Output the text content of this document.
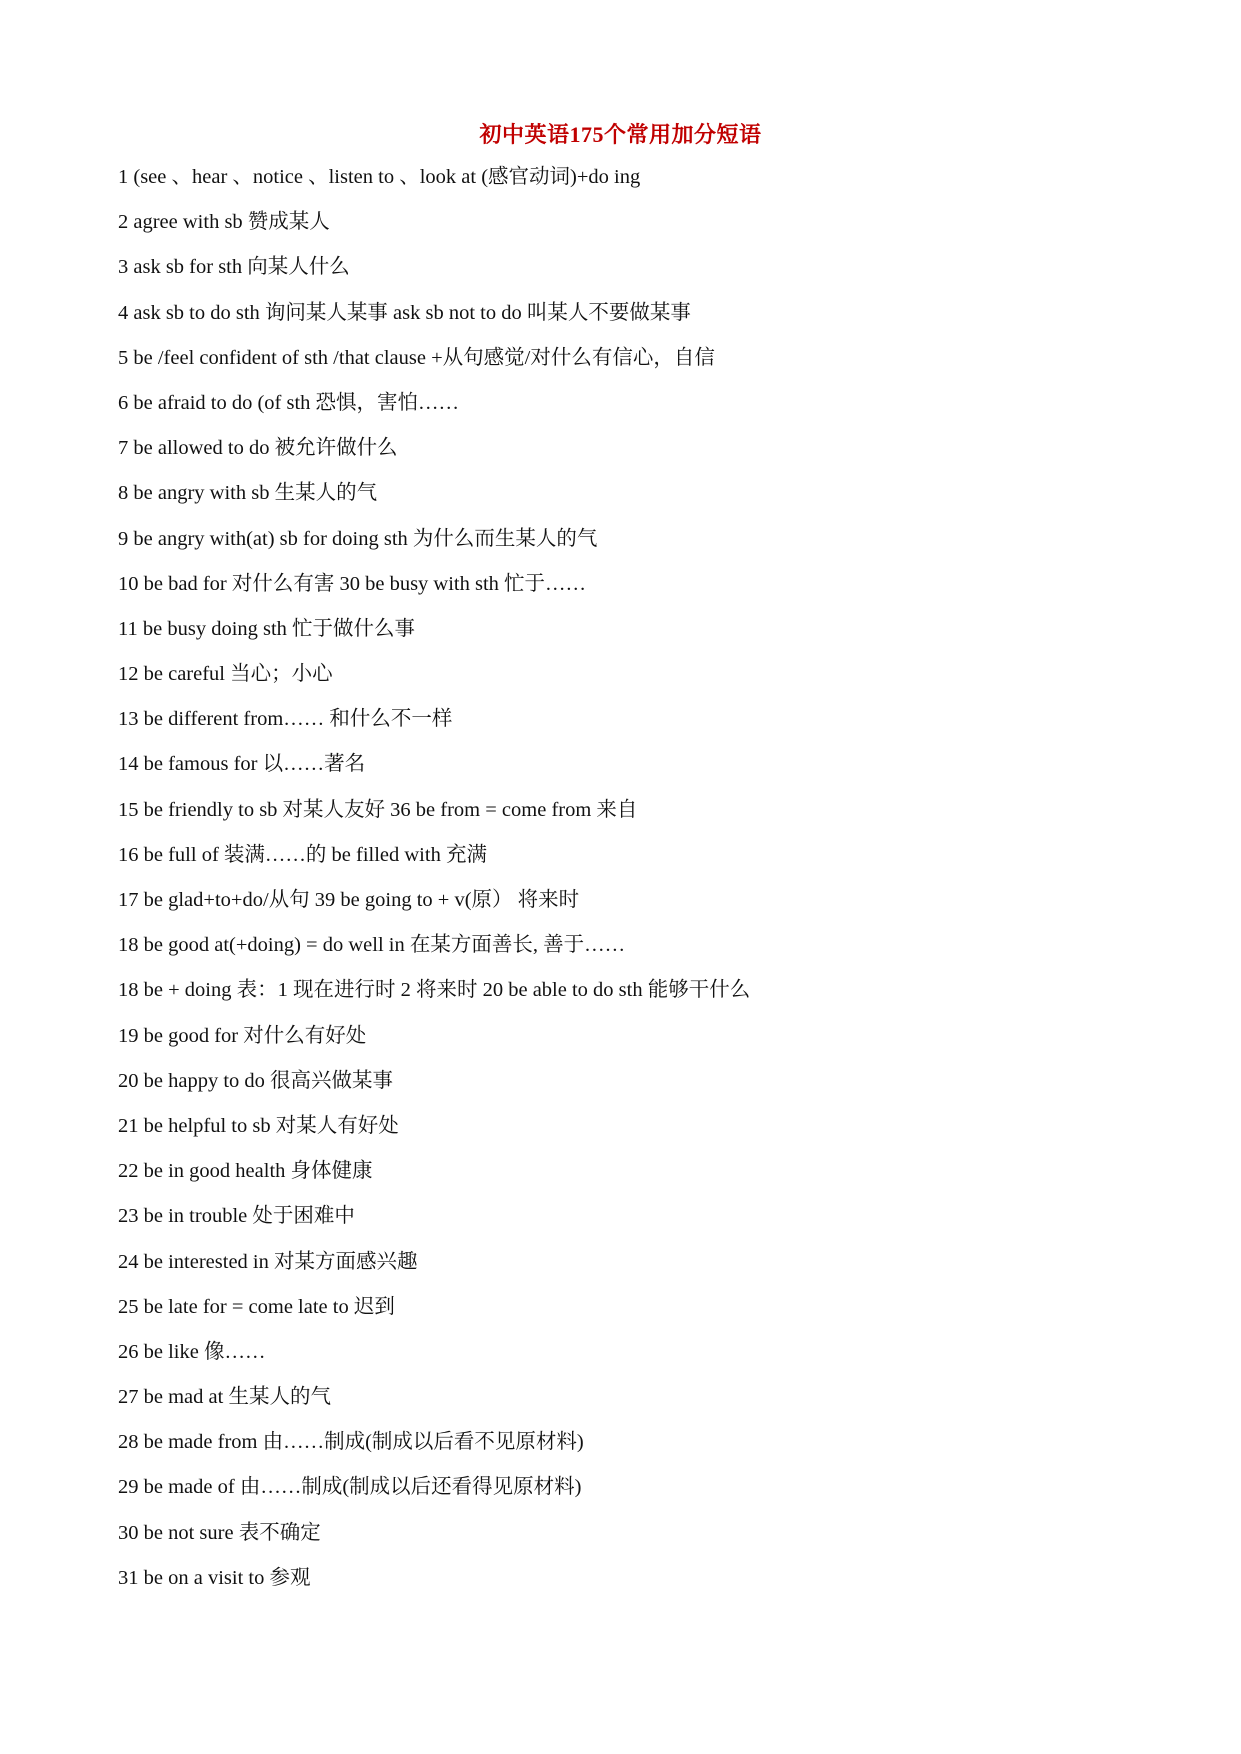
初中英语175个常用加分短语
1 (see 、hear 、notice 、listen to 、look at (感官动词)+do ing
2 agree with sb 赞成某人
3 ask sb for sth 向某人什么
4 ask sb to do sth 询问某人某事 ask sb not to do 叫某人不要做某事
5 be /feel confident of sth /that clause +从句感觉/对什么有信心，自信
6 be afraid to do (of sth 恐惧，害怕……
7 be allowed to do 被允许做什么
8 be angry with sb 生某人的气
9 be angry with(at) sb for doing sth 为什么而生某人的气
10 be bad for 对什么有害 30 be busy with sth 忙于……
11 be busy doing sth 忙于做什么事
12 be careful 当心；小心
13 be different from…… 和什么不一样
14 be famous for 以……著名
15 be friendly to sb 对某人友好 36 be from = come from 来自
16 be full of 装满……的 be filled with 充满
17 be glad+to+do/从句 39 be going to + v(原） 将来时
18 be good at(+doing) = do well in 在某方面善长, 善于……
18 be + doing 表：1 现在进行时 2 将来时 20 be able to do sth 能够干什么
19 be good for 对什么有好处
20 be happy to do 很高兴做某事
21 be helpful to sb 对某人有好处
22 be in good health 身体健康
23 be in trouble 处于困难中
24 be interested in 对某方面感兴趣
25 be late for = come late to 迟到
26 be like 像……
27 be mad at 生某人的气
28 be made from 由……制成(制成以后看不见原材料)
29 be made of 由……制成(制成以后还看得见原材料)
30 be not sure 表不确定
31 be on a visit to 参观
